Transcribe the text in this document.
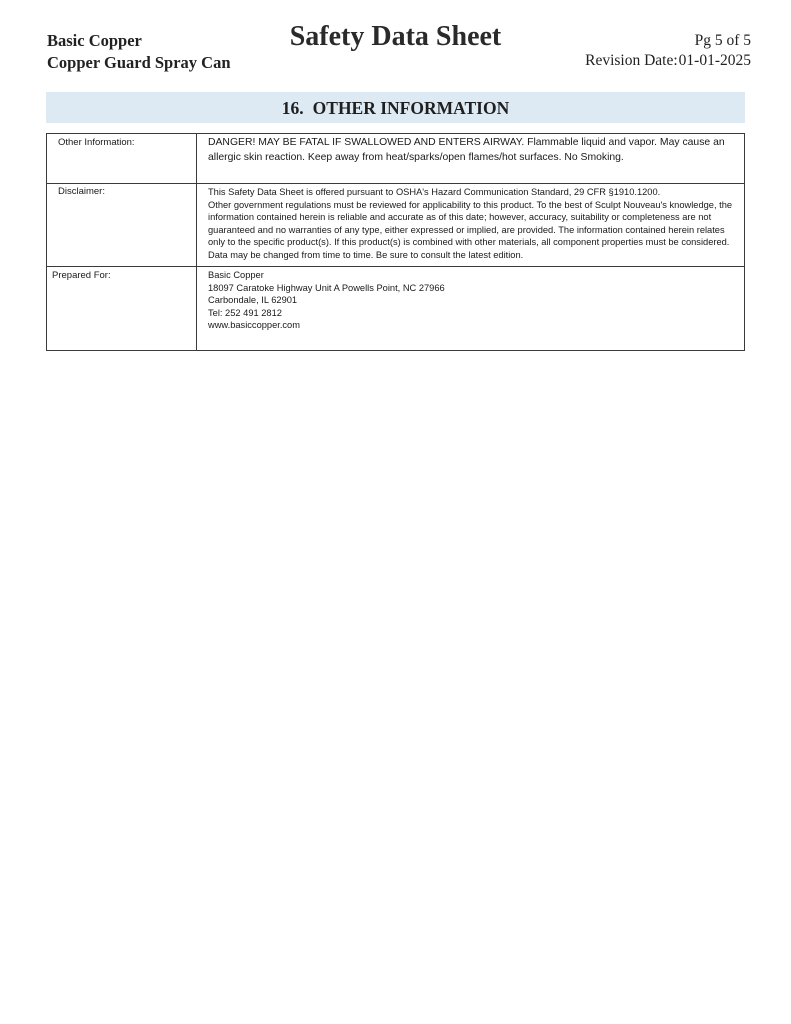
Basic Copper
Copper Guard Spray Can
Safety Data Sheet	Pg 5 of 5
Revision Date:01-01-2025
16. OTHER INFORMATION
Other Information:	DANGER! MAY BE FATAL IF SWALLOWED AND ENTERS AIRWAY. Flammable liquid and vapor. May cause an allergic skin reaction. Keep away from heat/sparks/open flames/hot surfaces. No Smoking.
Disclaimer:	This Safety Data Sheet is offered pursuant to OSHA's Hazard Communication Standard, 29 CFR §1910.1200.
Other government regulations must be reviewed for applicability to this product. To the best of Sculpt Nouveau's knowledge, the information contained herein is reliable and accurate as of this date; however, accuracy, suitability or completeness are not guaranteed and no warranties of any type, either expressed or implied, are provided. The information contained herein relates only to the specific product(s). If this product(s) is combined with other materials, all component properties must be considered. Data may be changed from time to time. Be sure to consult the latest edition.

Prepared For:	Basic Copper
18097 Caratoke Highway Unit A Powells Point, NC 27966
Carbondale, IL 62901
Tel: 252 491 2812
www.basiccopper.com
